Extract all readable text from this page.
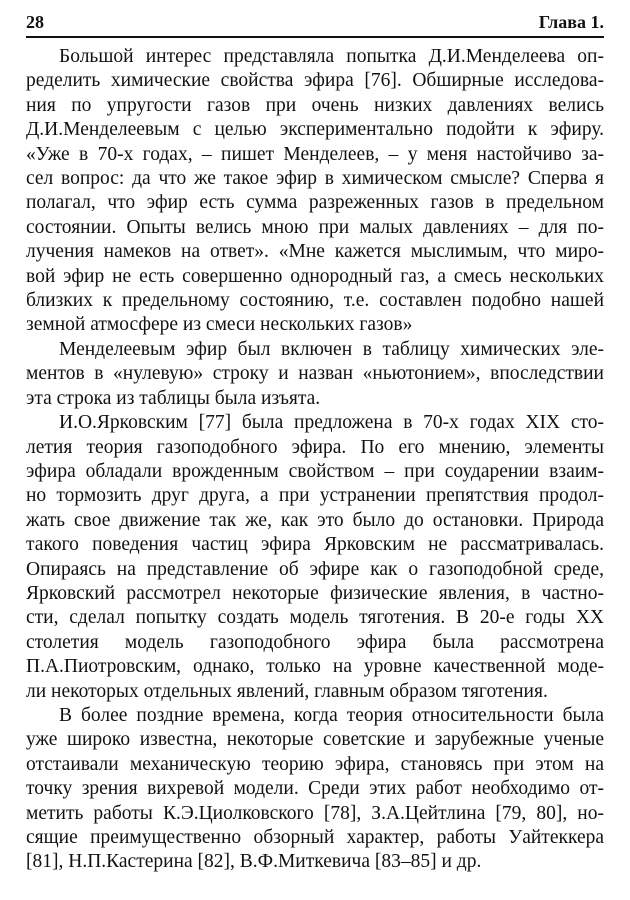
28	Глава 1.
Большой интерес представляла попытка Д.И.Менделеева оп-
ределить химические свойства эфира [76]. Обширные исследова-
ния по упругости газов при очень низких давлениях велись
Д.И.Менделеевым с целью экспериментально подойти к эфиру.
«Уже в 70-х годах, – пишет Менделеев, – у меня настойчиво за-
сел вопрос: да что же такое эфир в химическом смысле? Сперва я
полагал, что эфир есть сумма разреженных газов в предельном
состоянии. Опыты велись мною при малых давлениях – для по-
лучения намеков на ответ». «Мне кажется мыслимым, что миро-
вой эфир не есть совершенно однородный газ, а смесь нескольких
близких к предельному состоянию, т.е. составлен подобно нашей
земной атмосфере из смеси нескольких газов»
Менделеевым эфир был включен в таблицу химических эле-
ментов в «нулевую» строку и назван «ньютонием», впоследствии
эта строка из таблицы была изъята.
И.О.Ярковским [77] была предложена в 70-х годах XIX сто-
летия теория газоподобного эфира. По его мнению, элементы
эфира обладали врожденным свойством – при соударении взаим-
но тормозить друг друга, а при устранении препятствия продол-
жать свое движение так же, как это было до остановки. Природа
такого поведения частиц эфира Ярковским не рассматривалась.
Опираясь на представление об эфире как о газоподобной среде,
Ярковский рассмотрел некоторые физические явления, в частно-
сти, сделал попытку создать модель тяготения. В 20-е годы XX
столетия модель газоподобного эфира была рассмотрена
П.А.Пиотровским, однако, только на уровне качественной моде-
ли некоторых отдельных явлений, главным образом тяготения.
В более поздние времена, когда теория относительности была
уже широко известна, некоторые советские и зарубежные ученые
отстаивали механическую теорию эфира, становясь при этом на
точку зрения вихревой модели. Среди этих работ необходимо от-
метить работы К.Э.Циолковского [78], З.А.Цейтлина [79, 80], но-
сящие преимущественно обзорный характер, работы Уайтеккера
[81], Н.П.Кастерина [82], В.Ф.Миткевича [83–85] и др.
